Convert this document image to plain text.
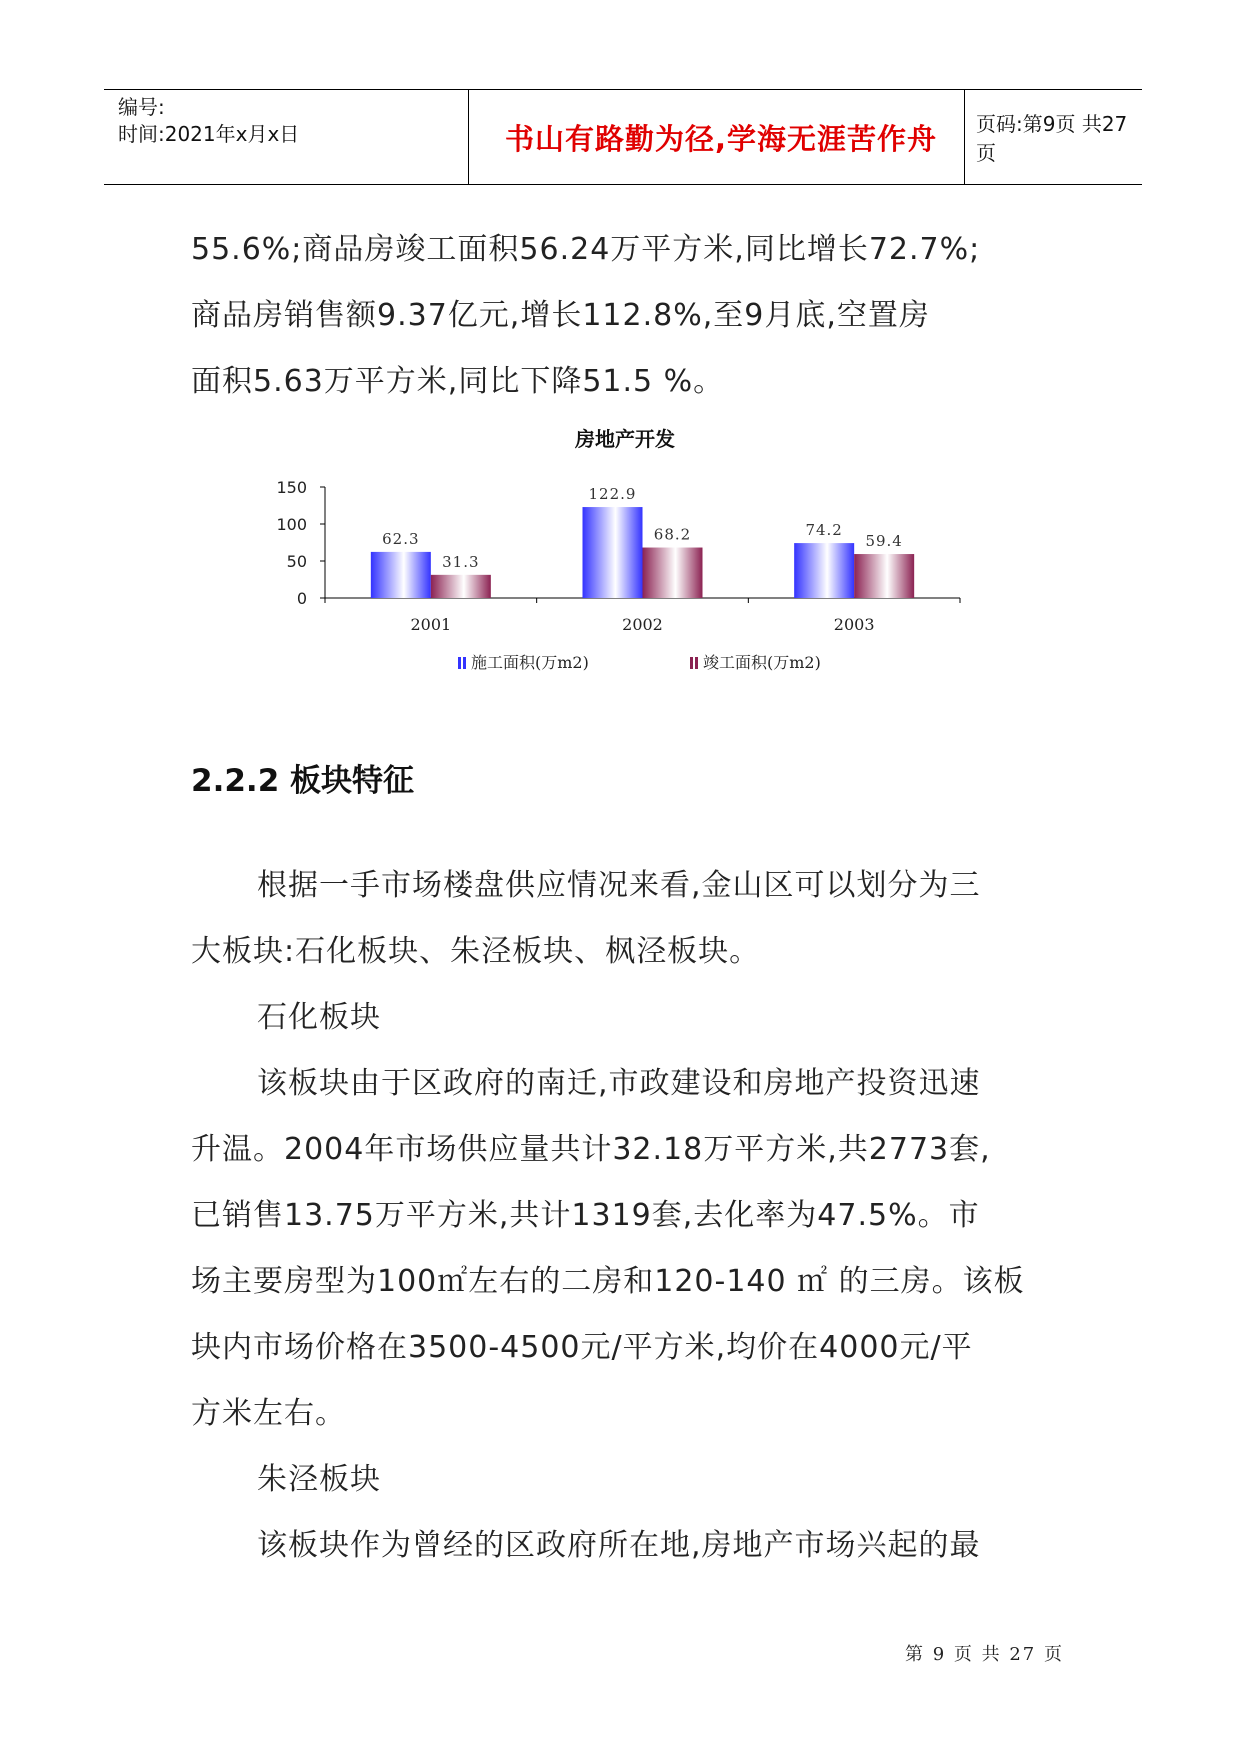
编号:
时间:2021年x月x日	书山有路勤为径,学海无涯苦作舟	页码:第9页 共27页
55.6%;商品房竣工面积56.24万平方米,同比增长72.7%;
商品房销售额9.37亿元,增长112.8%,至9月底,空置房
面积5.63万平方米,同比下降51.5 %。
房地产开发
0
50
100
150
62.3
31.3
2001
122.9
68.2
2002
74.2
59.4
2003
施工面积(万m2)	竣工面积(万m2)
2.2.2 板块特征
根据一手市场楼盘供应情况来看,金山区可以划分为三
大板块:石化板块、朱泾板块、枫泾板块。
石化板块
该板块由于区政府的南迁,市政建设和房地产投资迅速
升温。2004年市场供应量共计32.18万平方米,共2773套,
已销售13.75万平方米,共计1319套,去化率为47.5%。市
场主要房型为100㎡左右的二房和120-140 ㎡ 的三房。该板
块内市场价格在3500-4500元/平方米,均价在4000元/平
方米左右。
朱泾板块
该板块作为曾经的区政府所在地,房地产市场兴起的最
第 9 页 共 27 页
